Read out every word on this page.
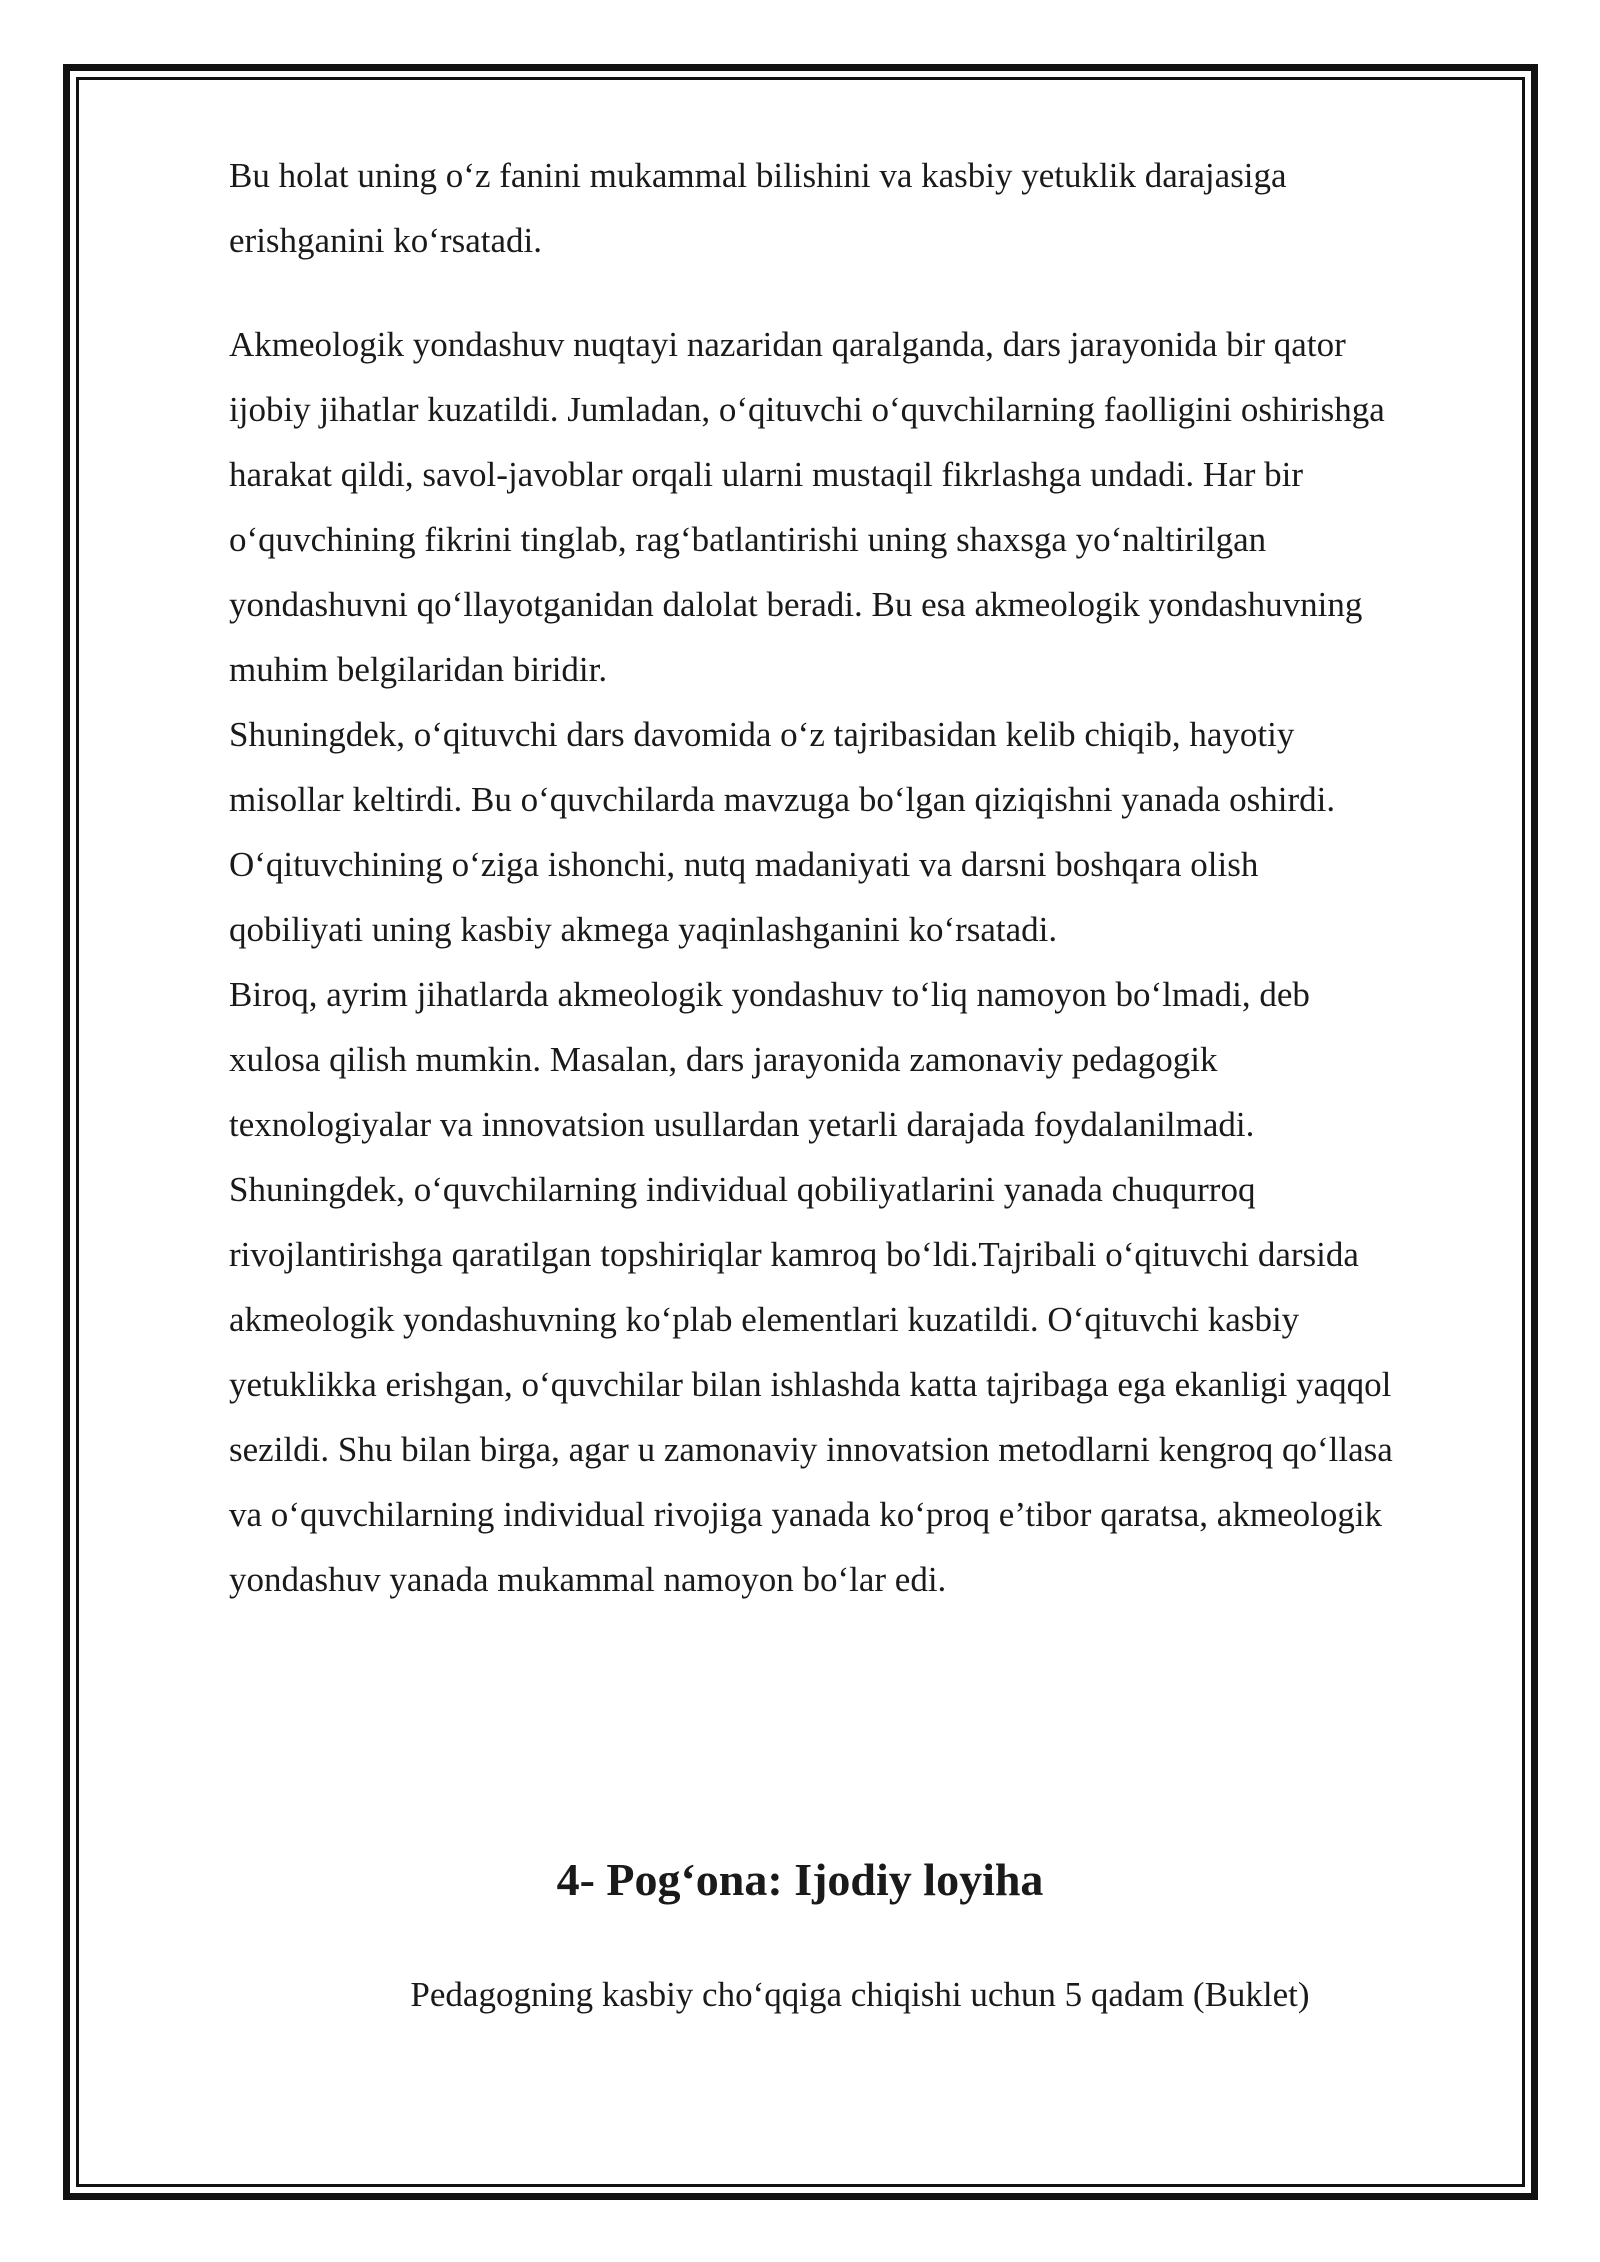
Bu holat uning o‘z fanini mukammal bilishini va kasbiy yetuklik darajasiga
erishganini ko‘rsatadi.

Akmeologik yondashuv nuqtayi nazaridan qaralganda, dars jarayonida bir qator
ijobiy jihatlar kuzatildi. Jumladan, o‘qituvchi o‘quvchilarning faolligini oshirishga
harakat qildi, savol-javoblar orqali ularni mustaqil fikrlashga undadi. Har bir
o‘quvchining fikrini tinglab, rag‘batlantirishi uning shaxsga yo‘naltirilgan
yondashuvni qo‘llayotganidan dalolat beradi. Bu esa akmeologik yondashuvning
muhim belgilaridan biridir.
Shuningdek, o‘qituvchi dars davomida o‘z tajribasidan kelib chiqib, hayotiy
misollar keltirdi. Bu o‘quvchilarda mavzuga bo‘lgan qiziqishni yanada oshirdi.
O‘qituvchining o‘ziga ishonchi, nutq madaniyati va darsni boshqara olish
qobiliyati uning kasbiy akmega yaqinlashganini ko‘rsatadi.
Biroq, ayrim jihatlarda akmeologik yondashuv to‘liq namoyon bo‘lmadi, deb
xulosa qilish mumkin. Masalan, dars jarayonida zamonaviy pedagogik
texnologiyalar va innovatsion usullardan yetarli darajada foydalanilmadi.
Shuningdek, o‘quvchilarning individual qobiliyatlarini yanada chuqurroq
rivojlantirishga qaratilgan topshiriqlar kamroq bo‘ldi.Tajribali o‘qituvchi darsida
akmeologik yondashuvning ko‘plab elementlari kuzatildi. O‘qituvchi kasbiy
yetuklikka erishgan, o‘quvchilar bilan ishlashda katta tajribaga ega ekanligi yaqqol
sezildi. Shu bilan birga, agar u zamonaviy innovatsion metodlarni kengroq qo‘llasa
va o‘quvchilarning individual rivojiga yanada ko‘proq e’tibor qaratsa, akmeologik
yondashuv yanada mukammal namoyon bo‘lar edi.

4- Pog‘ona: Ijodiy loyiha

Pedagogning kasbiy cho‘qqiga chiqishi uchun 5 qadam (Buklet)
